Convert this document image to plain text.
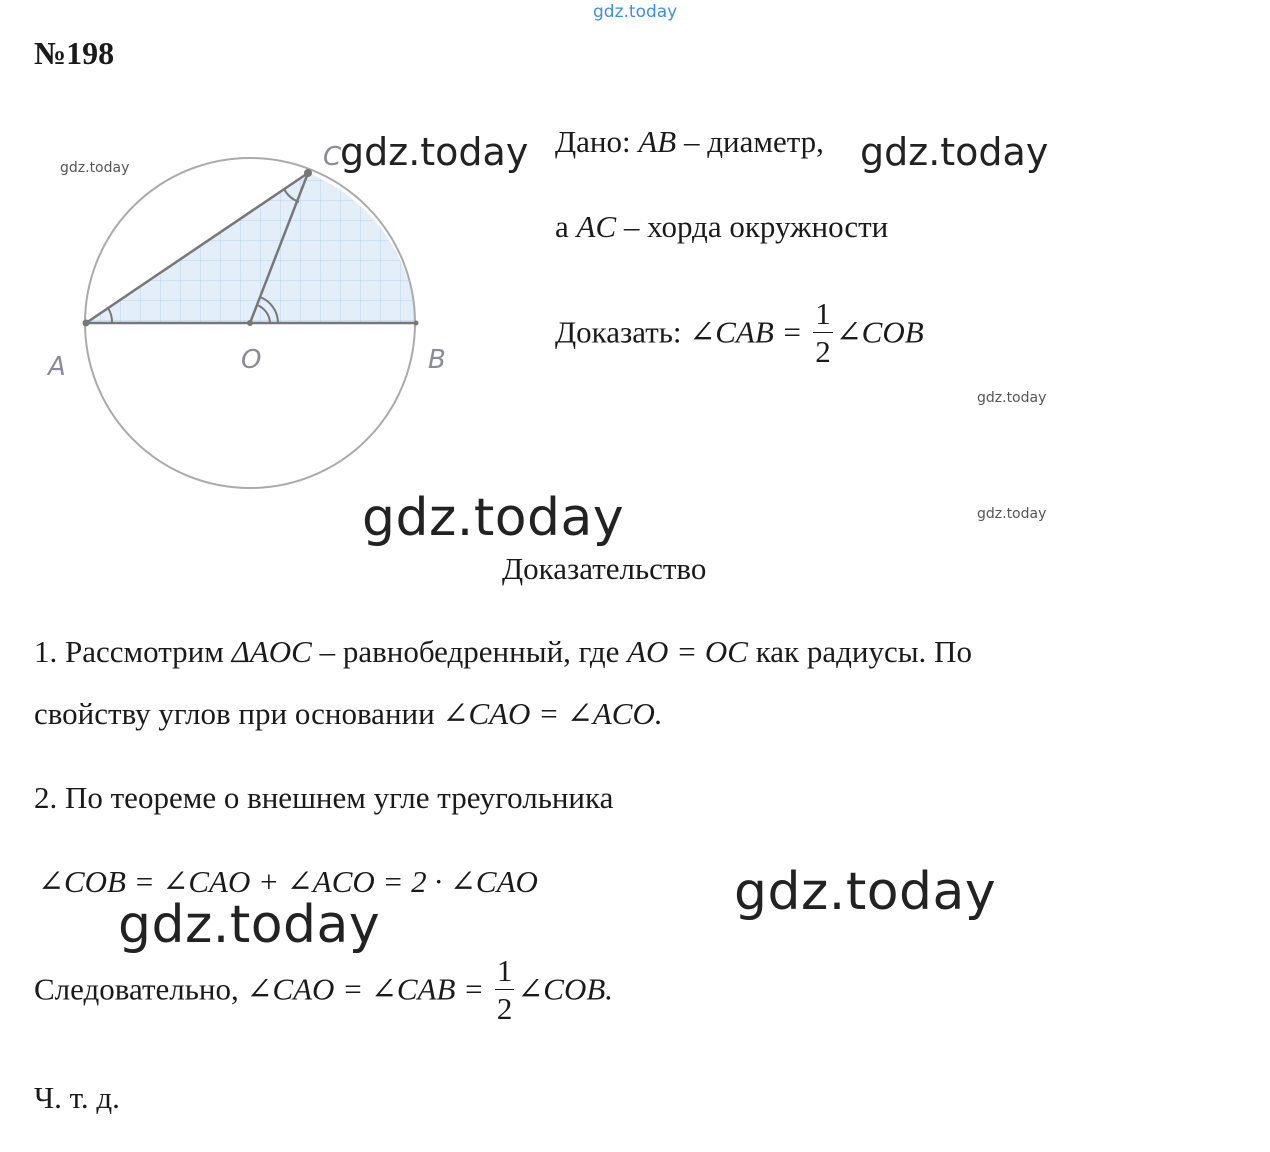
gdz.today
gdz.today	gdz.today	gdz.today
gdz.today
gdz.today	gdz.today
gdz.today
gdz.today
№198
A	O	B
C	Дано: AB – диаметр,
а AC – хорда окружности
Доказать: ∠CAB = $\frac{1}{2}$ ∠COB
Доказательство
1. Рассмотрим ΔAOC – равнобедренный, где AO = OC как радиусы. По
свойству углов при основании ∠CAO = ∠ACO.
2. По теореме о внешнем угле треугольника
∠COB = ∠CAO + ∠ACO = 2 · ∠CAO
Следовательно, ∠CAO = ∠CAB = $\frac{1}{2}$ ∠COB.
Ч. т. д.
